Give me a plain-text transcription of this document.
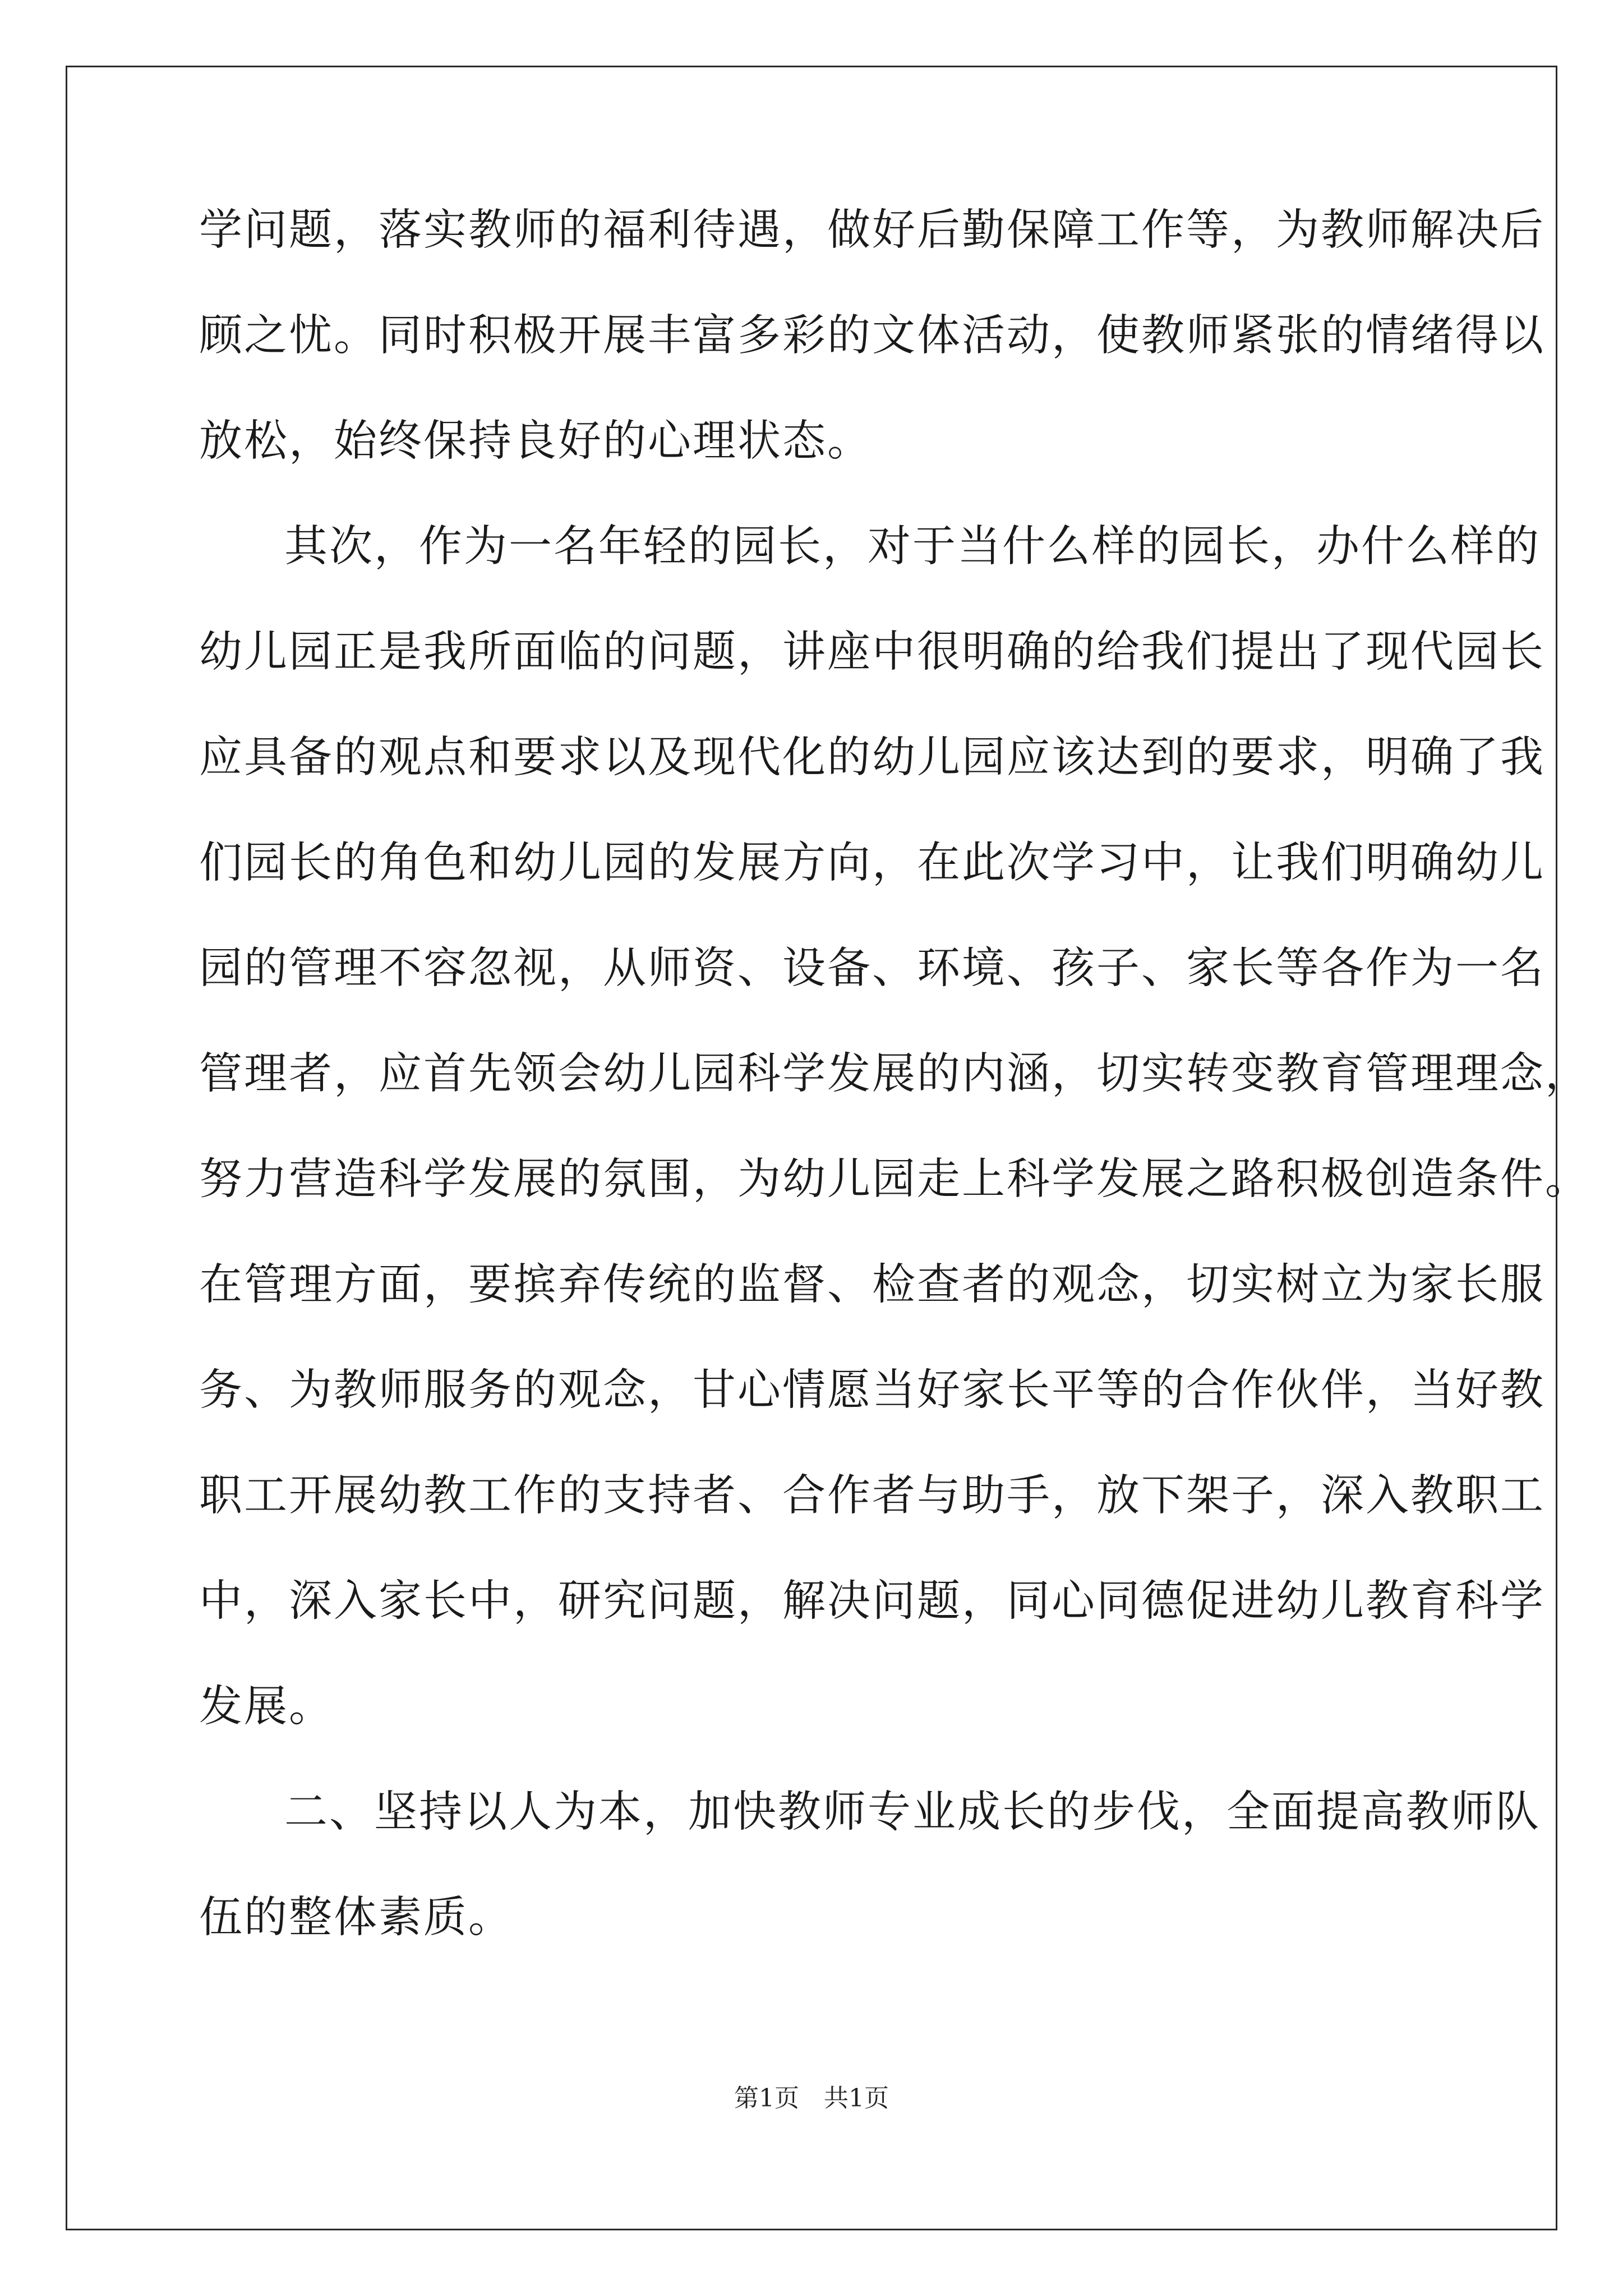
学问题，落实教师的福利待遇，做好后勤保障工作等，为教师解决后
顾之忧。同时积极开展丰富多彩的文体活动，使教师紧张的情绪得以
放松，始终保持良好的心理状态。
其次，作为一名年轻的园长，对于当什么样的园长，办什么样的
幼儿园正是我所面临的问题，讲座中很明确的给我们提出了现代园长
应具备的观点和要求以及现代化的幼儿园应该达到的要求，明确了我
们园长的角色和幼儿园的发展方向，在此次学习中，让我们明确幼儿
园的管理不容忽视，从师资、设备、环境、孩子、家长等各作为一名
管理者，应首先领会幼儿园科学发展的内涵，切实转变教育管理理念，
努力营造科学发展的氛围，为幼儿园走上科学发展之路积极创造条件。
在管理方面，要摈弃传统的监督、检查者的观念，切实树立为家长服
务、为教师服务的观念，甘心情愿当好家长平等的合作伙伴，当好教
职工开展幼教工作的支持者、合作者与助手，放下架子，深入教职工
中，深入家长中，研究问题，解决问题，同心同德促进幼儿教育科学
发展。
二、坚持以人为本，加快教师专业成长的步伐，全面提高教师队
伍的整体素质。
第1页　共1页
